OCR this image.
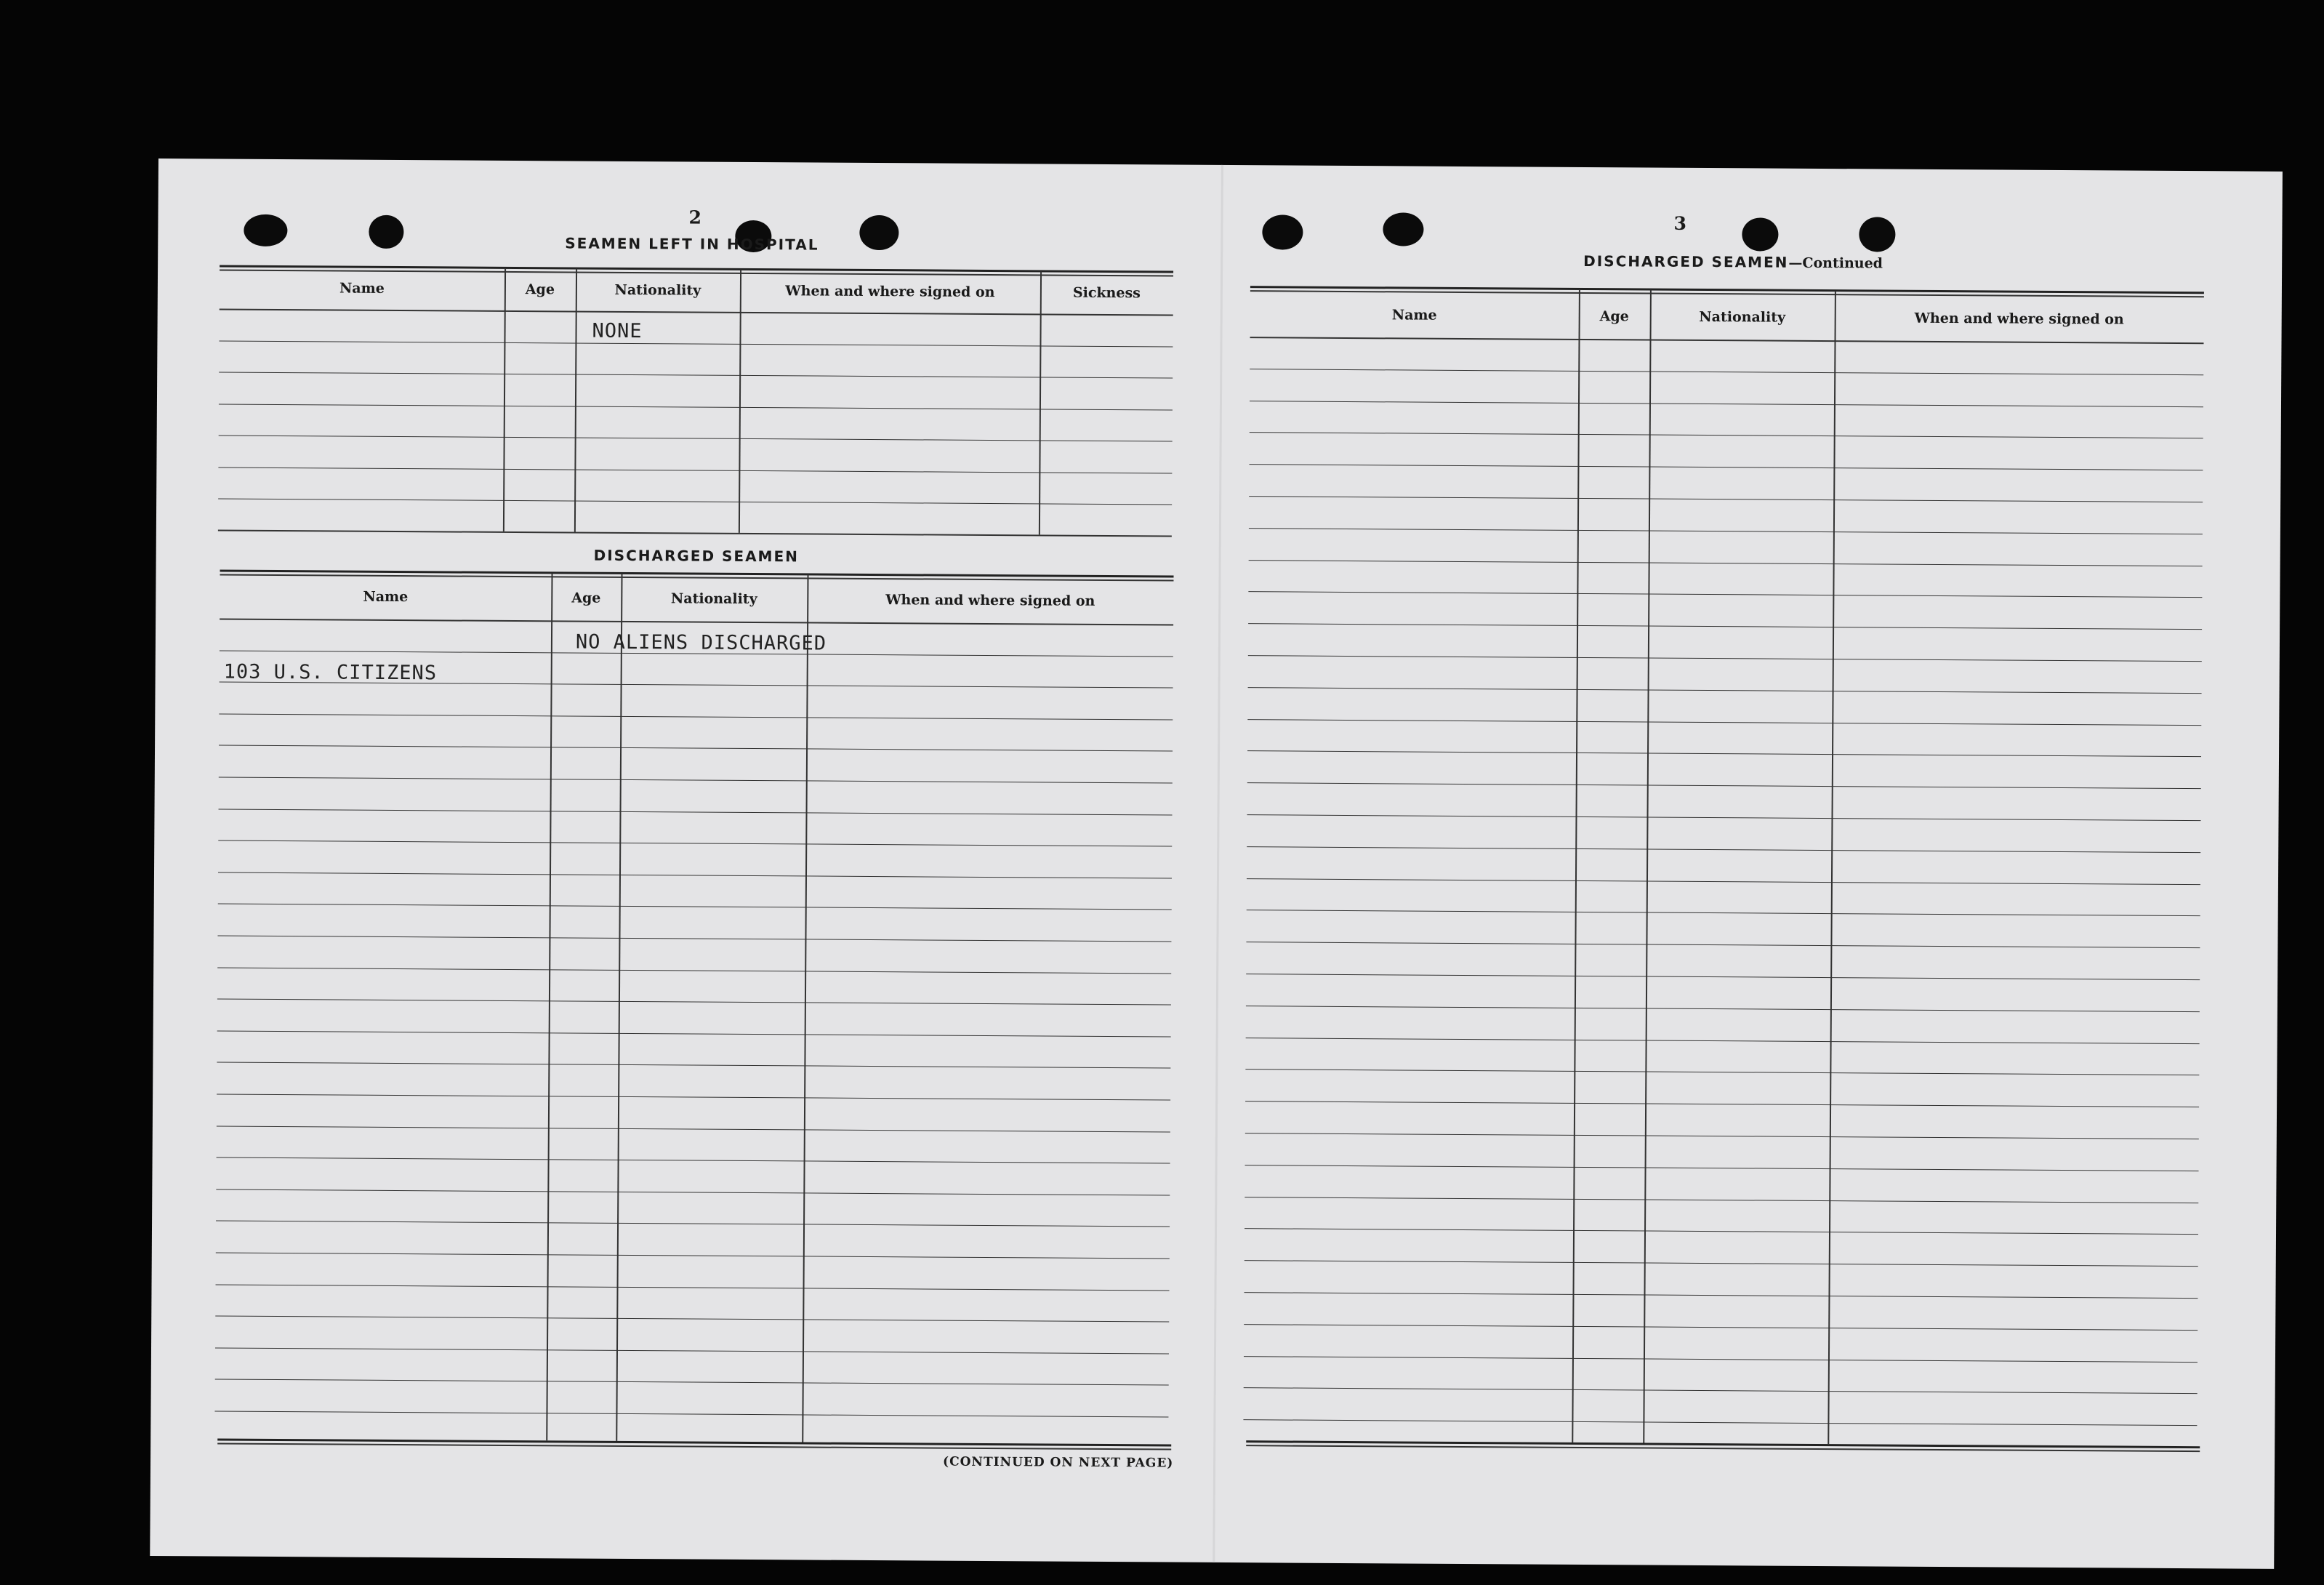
2
SEAMEN LEFT IN HOSPITAL
Name	Age	Nationality	When and where signed on	Sickness
NONE
DISCHARGED SEAMEN
Name	Age	Nationality	When and where signed on
NO ALIENS DISCHARGED
103 U.S. CITIZENS
(CONTINUED ON NEXT PAGE)
3
DISCHARGED SEAMEN—Continued
Name	Age	Nationality	When and where signed on
